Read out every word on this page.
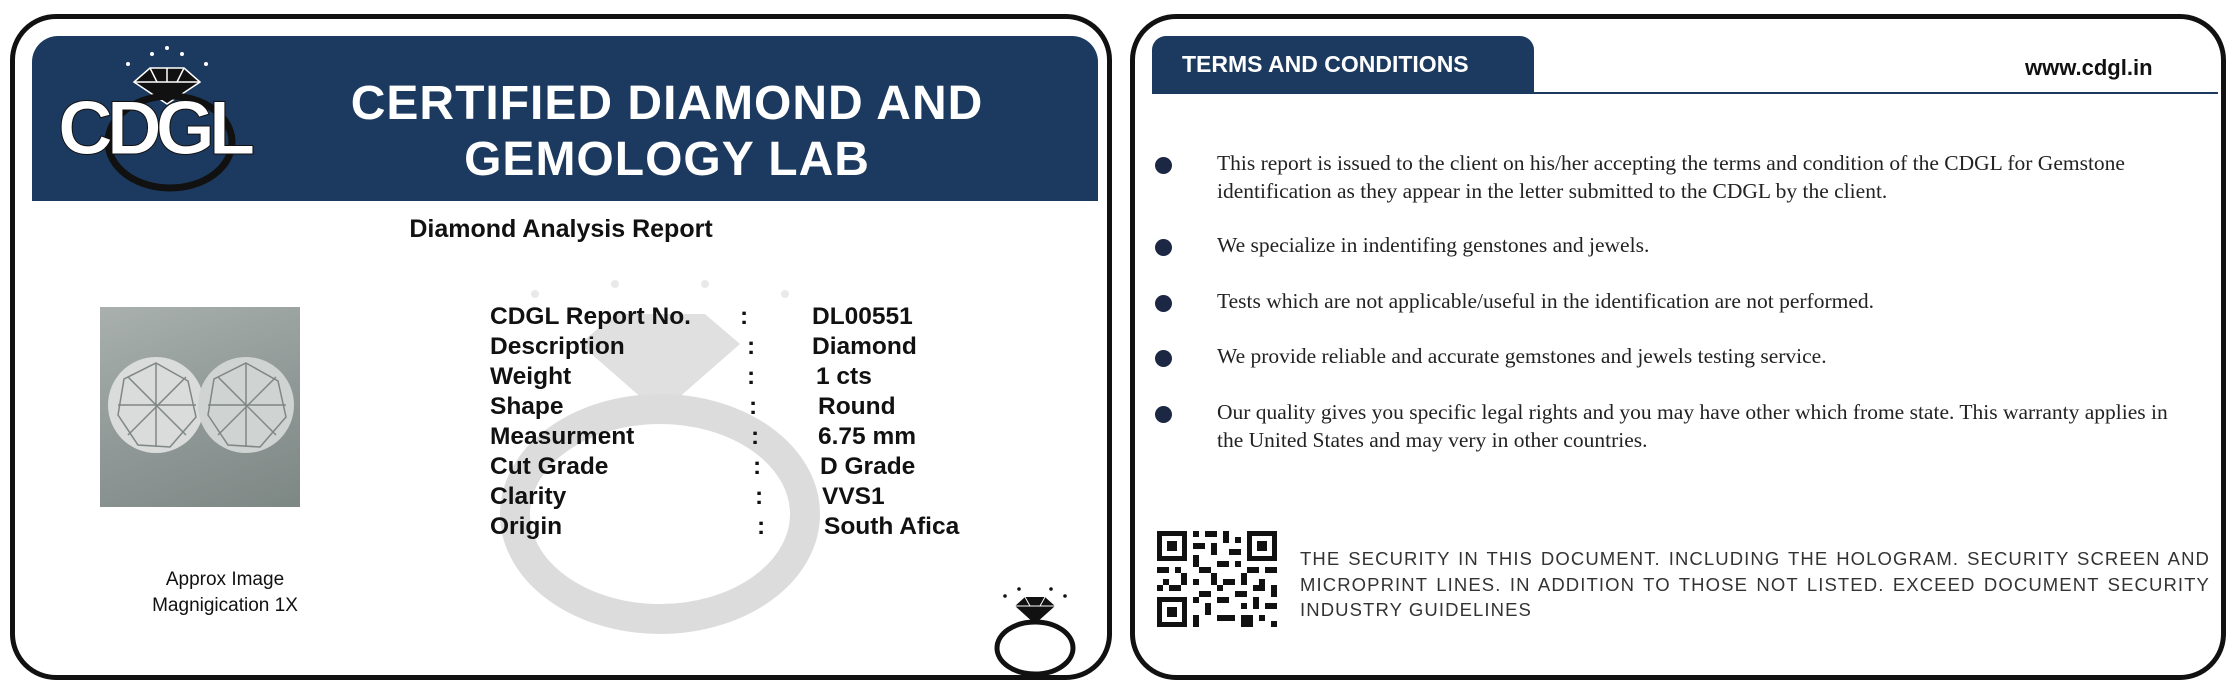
CDGL	CERTIFIED DIAMOND AND
GEMOLOGY LAB
Diamond Analysis Report
Approx Image
Magnigication 1X
CDGL Report No. :	DL00551
Description	: Diamond
Weight	: 1 cts
Shape	: Round
Measurment	: 6.75 mm
Cut Grade	: D Grade
Clarity	: VVS1
Origin	: South Afica
TERMS AND CONDITIONS	www.cdgl.in
This report is issued to the client on his/her accepting the terms and condition of the CDGL for Gemstone identification as they appear in the letter submitted to the CDGL by the client.
We specialize in indentifing genstones and jewels.
Tests which are not applicable/useful in the identification are not performed.
We provide reliable and accurate gemstones and jewels testing service.
Our quality gives you specific legal rights and you may have other which frome state. This warranty applies in the United States and may very in other countries.
THE SECURITY IN THIS DOCUMENT. INCLUDING THE HOLOGRAM. SECURITY SCREEN AND MICROPRINT LINES. IN ADDITION TO THOSE NOT LISTED. EXCEED DOCUMENT SECURITY INDUSTRY GUIDELINES
